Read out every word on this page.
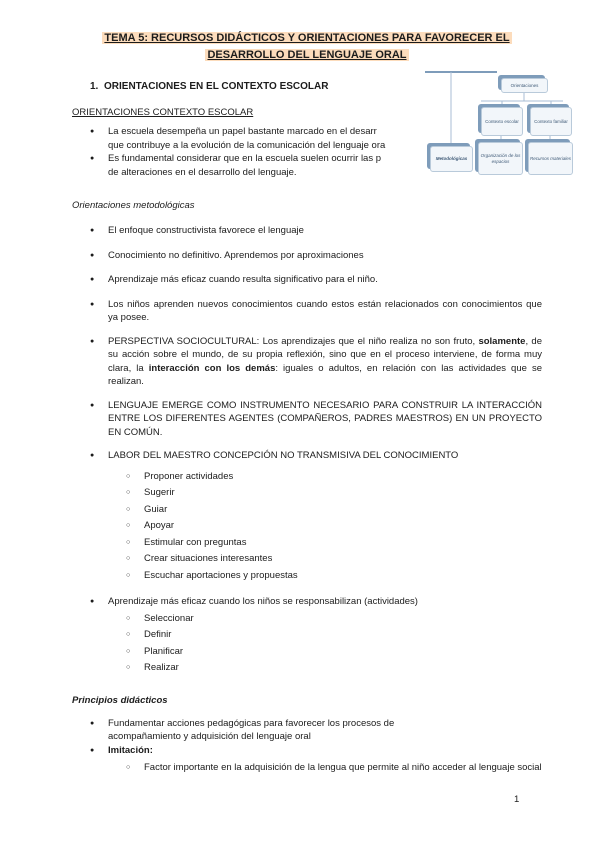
TEMA 5: RECURSOS DIDÁCTICOS Y ORIENTACIONES PARA FAVORECER EL
DESARROLLO DEL LENGUAJE ORAL
1. ORIENTACIONES EN EL CONTEXTO ESCOLAR
ORIENTACIONES CONTEXTO ESCOLAR
●
La escuela desempeña un papel bastante marcado en el desarr
que contribuye a la evolución de la comunicación del lenguaje ora
●
Es fundamental considerar que en la escuela suelen ocurrir las p
de alteraciones en el desarrollo del lenguaje.
Orientaciones metodológicas
●
El enfoque constructivista favorece el lenguaje
●
Conocimiento no definitivo. Aprendemos por aproximaciones
●
Aprendizaje más eficaz cuando resulta significativo para el niño.
●
Los niños aprenden nuevos conocimientos cuando estos están relacionados con conocimientos que ya posee.
●
PERSPECTIVA SOCIOCULTURAL: Los aprendizajes que el niño realiza no son fruto, solamente, de su acción sobre el mundo, de su propia reflexión, sino que en el proceso interviene, de forma muy clara, la interacción con los demás: iguales o adultos, en relación con las actividades que se realizan.
●
LENGUAJE EMERGE COMO INSTRUMENTO NECESARIO PARA CONSTRUIR LA INTERACCIÓN ENTRE LOS DIFERENTES AGENTES (COMPAÑEROS, PADRES MAESTROS) EN UN PROYECTO EN COMÚN.
●
LABOR DEL MAESTRO CONCEPCIÓN NO TRANSMISIVA DEL CONOCIMIENTO
○
Proponer actividades
○
Sugerir
○
Guiar
○
Apoyar
○
Estimular con preguntas
○
Crear situaciones interesantes
○
Escuchar aportaciones y propuestas
●
Aprendizaje más eficaz cuando los niños se responsabilizan (actividades)
○
Seleccionar
○
Definir
○
Planificar
○
Realizar
Principios didácticos
●
Fundamentar acciones pedagógicas para favorecer los procesos de
acompañamiento y adquisición del lenguaje oral
●
Imitación:
○
Factor importante en la adquisición de la lengua que permite al niño acceder al lenguaje social
Orientaciones
Contexto escolar	Contexto familiar
Metodológicas
Organización de los espacios
Recursos materiales
1
